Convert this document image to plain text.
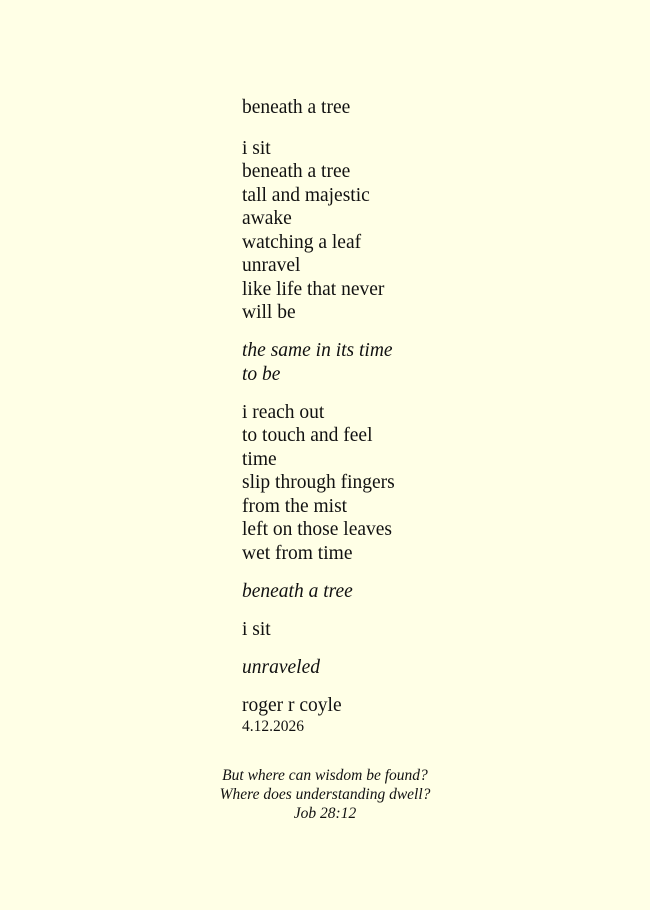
beneath a tree
i sit
beneath a tree
tall and majestic
awake
watching a leaf
unravel
like life that never
will be
the same in its time
to be
i reach out
to touch and feel
time
slip through fingers
from the mist
left on those leaves
wet from time
beneath a tree
i sit
unraveled
roger r coyle
4.12.2026
But where can wisdom be found?
Where does understanding dwell?
Job 28:12
